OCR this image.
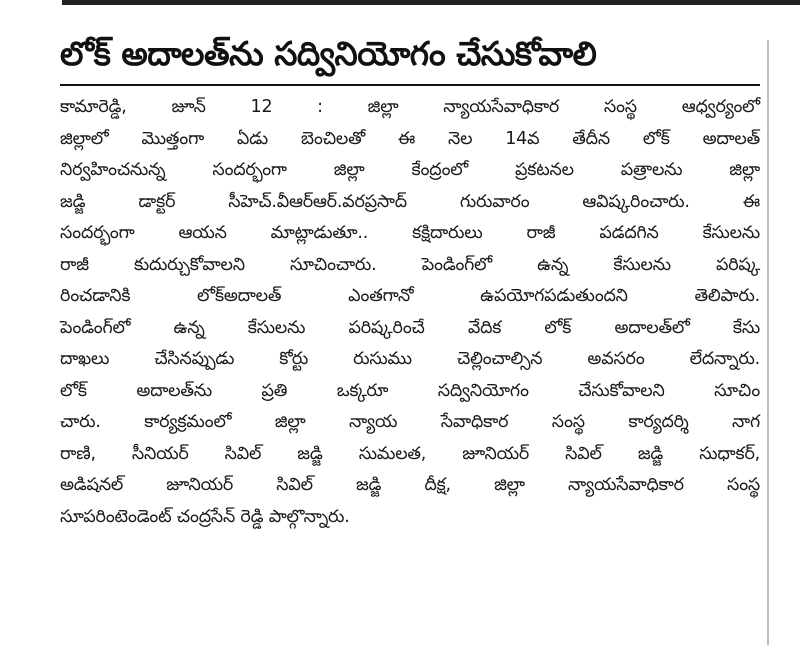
లోక్ అదాలత్‌ను సద్వినియోగం చేసుకోవాలి
కామారెడ్డి, జూన్ 12 : జిల్లా న్యాయసేవాధికార సంస్థ ఆధ్వర్యంలో
జిల్లాలో మొత్తంగా ఏడు బెంచిలతో ఈ నెల 14వ తేదీన లోక్ అదాలత్
నిర్వహించనున్న సందర్భంగా జిల్లా కేంద్రంలో ప్రకటనల పత్రాలను జిల్లా
జడ్జి డాక్టర్ సీహెచ్.వీఆర్ఆర్.వరప్రసాద్ గురువారం ఆవిష్కరించారు. ఈ
సందర్భంగా ఆయన మాట్లాడుతూ.. కక్షిదారులు రాజీ పడదగిన కేసులను
రాజీ కుదుర్చుకోవాలని సూచించారు. పెండింగ్‌లో ఉన్న కేసులను పరిష్క
రించడానికి లోక్అదాలత్ ఎంతగానో ఉపయోగపడుతుందని తెలిపారు.
పెండింగ్‌లో ఉన్న కేసులను పరిష్కరించే వేదిక లోక్ అదాలత్‌లో కేసు
దాఖలు చేసినప్పుడు కోర్టు రుసుము చెల్లించాల్సిన అవసరం లేదన్నారు.
లోక్ అదాలత్‌ను ప్రతి ఒక్కరూ సద్వినియోగం చేసుకోవాలని సూచిం
చారు. కార్యక్రమంలో జిల్లా న్యాయ సేవాధికార సంస్థ కార్యదర్శి నాగ
రాణి, సీనియర్ సివిల్ జడ్జి సుమలత, జూనియర్ సివిల్ జడ్జి సుధాకర్,
అడిషనల్ జూనియర్ సివిల్ జడ్జి దీక్ష, జిల్లా న్యాయసేవాధికార సంస్థ
సూపరింటెండెంట్ చంద్రసేన్ రెడ్డి పాల్గొన్నారు.
